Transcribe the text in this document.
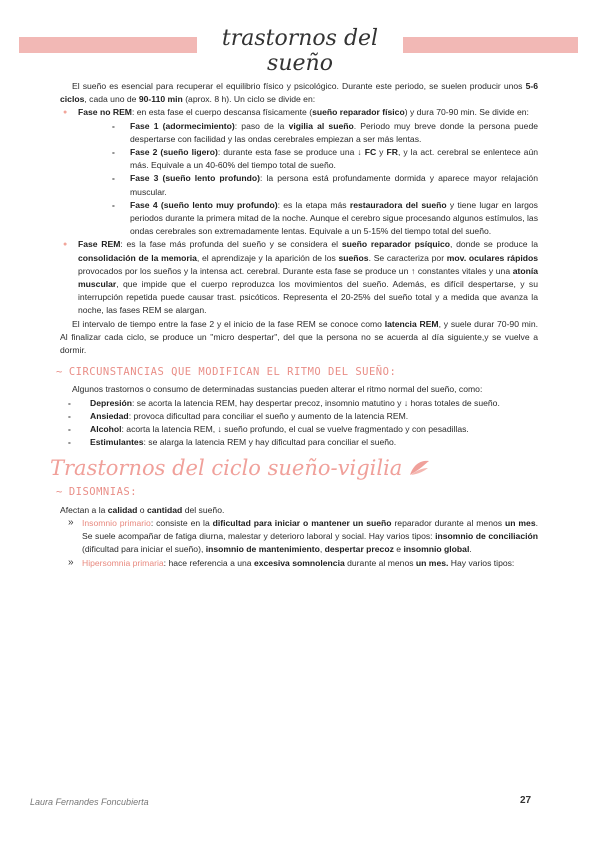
trastornos del sueño

El sueño es esencial para recuperar el equilibrio físico y psicológico. Durante este periodo, se suelen producir unos 5-6 ciclos, cada uno de 90-110 min (aprox. 8 h). Un ciclo se divide en:

● Fase no REM: en esta fase el cuerpo descansa físicamente (sueño reparador físico) y dura 70-90 min. Se divide en:
- Fase 1 (adormecimiento): paso de la vigilia al sueño. Periodo muy breve donde la persona puede despertarse con facilidad y las ondas cerebrales empiezan a ser más lentas.
- Fase 2 (sueño ligero): durante esta fase se produce una ↓ FC y FR, y la act. cerebral se enlentece aún más. Equivale a un 40-60% del tiempo total de sueño.
- Fase 3 (sueño lento profundo): la persona está profundamente dormida y aparece mayor relajación muscular.
- Fase 4 (sueño lento muy profundo): es la etapa más restauradora del sueño y tiene lugar en largos periodos durante la primera mitad de la noche. Aunque el cerebro sigue procesando algunos estímulos, las ondas cerebrales son extremadamente lentas. Equivale a un 5-15% del tiempo total del sueño.
● Fase REM: es la fase más profunda del sueño y se considera el sueño reparador psíquico, donde se produce la consolidación de la memoria, el aprendizaje y la aparición de los sueños. Se caracteriza por mov. oculares rápidos provocados por los sueños y la intensa act. cerebral. Durante esta fase se produce un ↑ constantes vitales y una atonía muscular, que impide que el cuerpo reproduzca los movimientos del sueño. Además, es difícil despertarse, y su interrupción repetida puede causar trast. psicóticos. Representa el 20-25% del sueño total y a medida que avanza la noche, las fases REM se alargan.

El intervalo de tiempo entre la fase 2 y el inicio de la fase REM se conoce como latencia REM, y suele durar 70-90 min. Al finalizar cada ciclo, se produce un "micro despertar", del que la persona no se acuerda al día siguiente,y se vuelve a dormir.

~ CIRCUNSTANCIAS QUE MODIFICAN EL RITMO DEL SUEÑO:

Algunos trastornos o consumo de determinadas sustancias pueden alterar el ritmo normal del sueño, como:

- Depresión: se acorta la latencia REM, hay despertar precoz, insomnio matutino y ↓ horas totales de sueño.
- Ansiedad: provoca dificultad para conciliar el sueño y aumento de la latencia REM.
- Alcohol: acorta la latencia REM, ↓ sueño profundo, el cual se vuelve fragmentado y con pesadillas.
- Estimulantes: se alarga la latencia REM y hay dificultad para conciliar el sueño.
Trastornos del ciclo sueño-vigilia
~ DISOMNIAS:

Afectan a la calidad o cantidad del sueño.

» Insomnio primario: consiste en la dificultad para iniciar o mantener un sueño reparador durante al menos un mes. Se suele acompañar de fatiga diurna, malestar y deterioro laboral y social. Hay varios tipos: insomnio de conciliación (dificultad para iniciar el sueño), insomnio de mantenimiento, despertar precoz e insomnio global.
» Hipersomnia primaria: hace referencia a una excesiva somnolencia durante al menos un mes. Hay varios tipos:
Laura Fernandes Foncubierta	27
